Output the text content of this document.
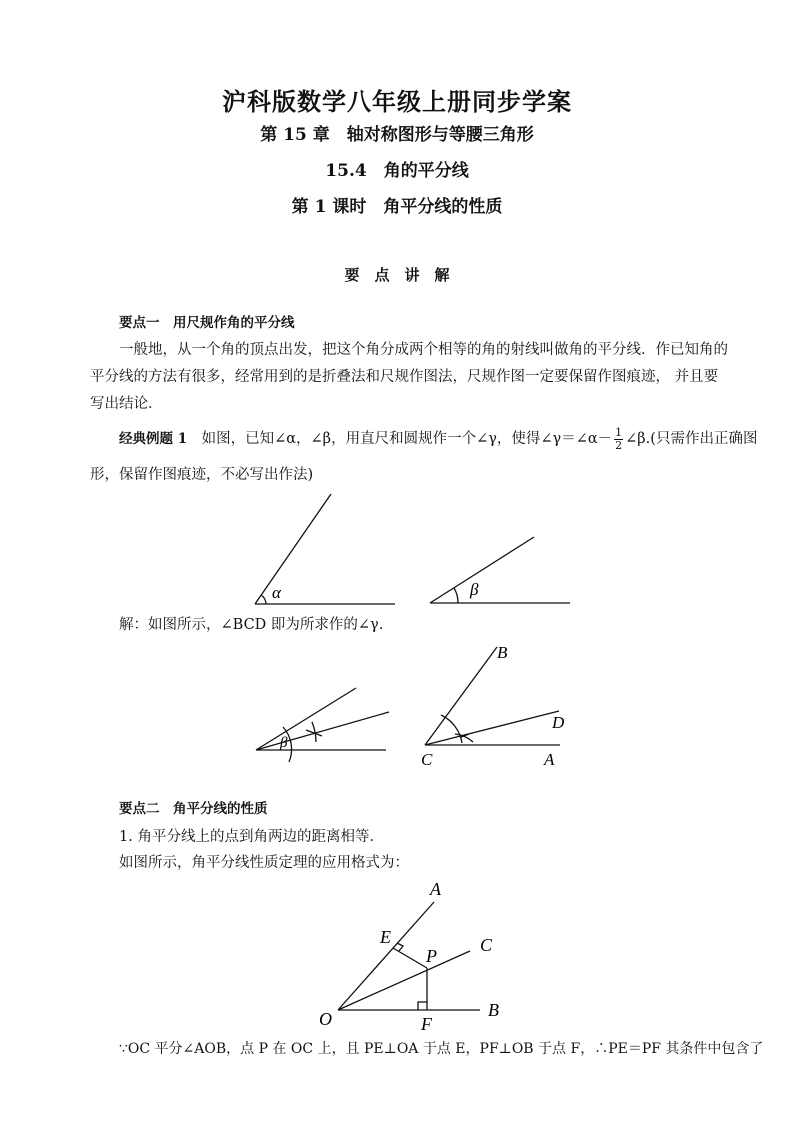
沪科版数学八年级上册同步学案
第 15 章　轴对称图形与等腰三角形
15.4　角的平分线
第 1 课时　角平分线的性质
要　点　讲　解
要点一　用尺规作角的平分线
一般地，从一个角的顶点出发，把这个角分成两个相等的角的射线叫做角的平分线．作已知角的
平分线的方法有很多，经常用到的是折叠法和尺规作图法，尺规作图一定要保留作图痕迹， 并且要
写出结论．
经典例题 1　如图，已知∠α，∠β，用直尺和圆规作一个∠γ，使得∠γ＝∠α－ $\frac{1}{2}$ ∠β.(只需作出正确图
形，保留作图痕迹，不必写出作法)
α	β
解：如图所示，∠BCD 即为所求作的∠γ.
β
B
D
C	A
要点二　角平分线的性质
1. 角平分线上的点到角两边的距离相等．
如图所示，角平分线性质定理的应用格式为：
A
E
P
C
O	F
B
∵OC 平分∠AOB，点 P 在 OC 上，且 PE⊥OA 于点 E，PF⊥OB 于点 F，∴PE＝PF 其条件中包含了
